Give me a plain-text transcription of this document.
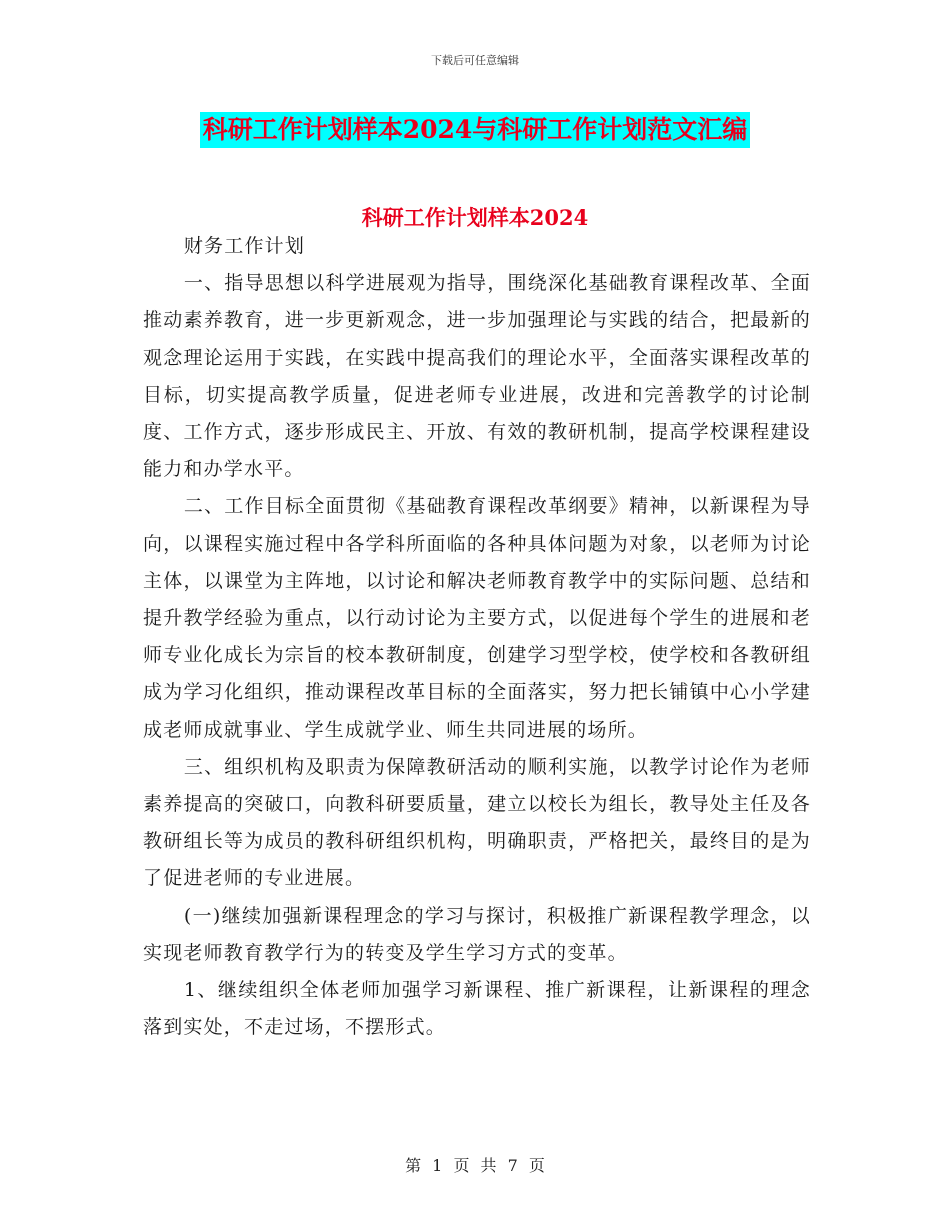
下载后可任意编辑
科研工作计划样本2024与科研工作计划范文汇编
科研工作计划样本2024

财务工作计划

一、指导思想以科学进展观为指导，围绕深化基础教育课程改革、全面推动素养教育，进一步更新观念，进一步加强理论与实践的结合，把最新的观念理论运用于实践，在实践中提高我们的理论水平，全面落实课程改革的目标，切实提高教学质量，促进老师专业进展，改进和完善教学的讨论制度、工作方式，逐步形成民主、开放、有效的教研机制，提高学校课程建设能力和办学水平。

二、工作目标全面贯彻《基础教育课程改革纲要》精神，以新课程为导向，以课程实施过程中各学科所面临的各种具体问题为对象，以老师为讨论主体，以课堂为主阵地，以讨论和解决老师教育教学中的实际问题、总结和提升教学经验为重点，以行动讨论为主要方式，以促进每个学生的进展和老师专业化成长为宗旨的校本教研制度，创建学习型学校，使学校和各教研组成为学习化组织，推动课程改革目标的全面落实，努力把长铺镇中心小学建成老师成就事业、学生成就学业、师生共同进展的场所。

三、组织机构及职责为保障教研活动的顺利实施，以教学讨论作为老师素养提高的突破口，向教科研要质量，建立以校长为组长，教导处主任及各教研组长等为成员的教科研组织机构，明确职责，严格把关，最终目的是为了促进老师的专业进展。

(一)继续加强新课程理念的学习与探讨，积极推广新课程教学理念，以实现老师教育教学行为的转变及学生学习方式的变革。

1、继续组织全体老师加强学习新课程、推广新课程，让新课程的理念落到实处，不走过场，不摆形式。

第 1 页 共 7 页
